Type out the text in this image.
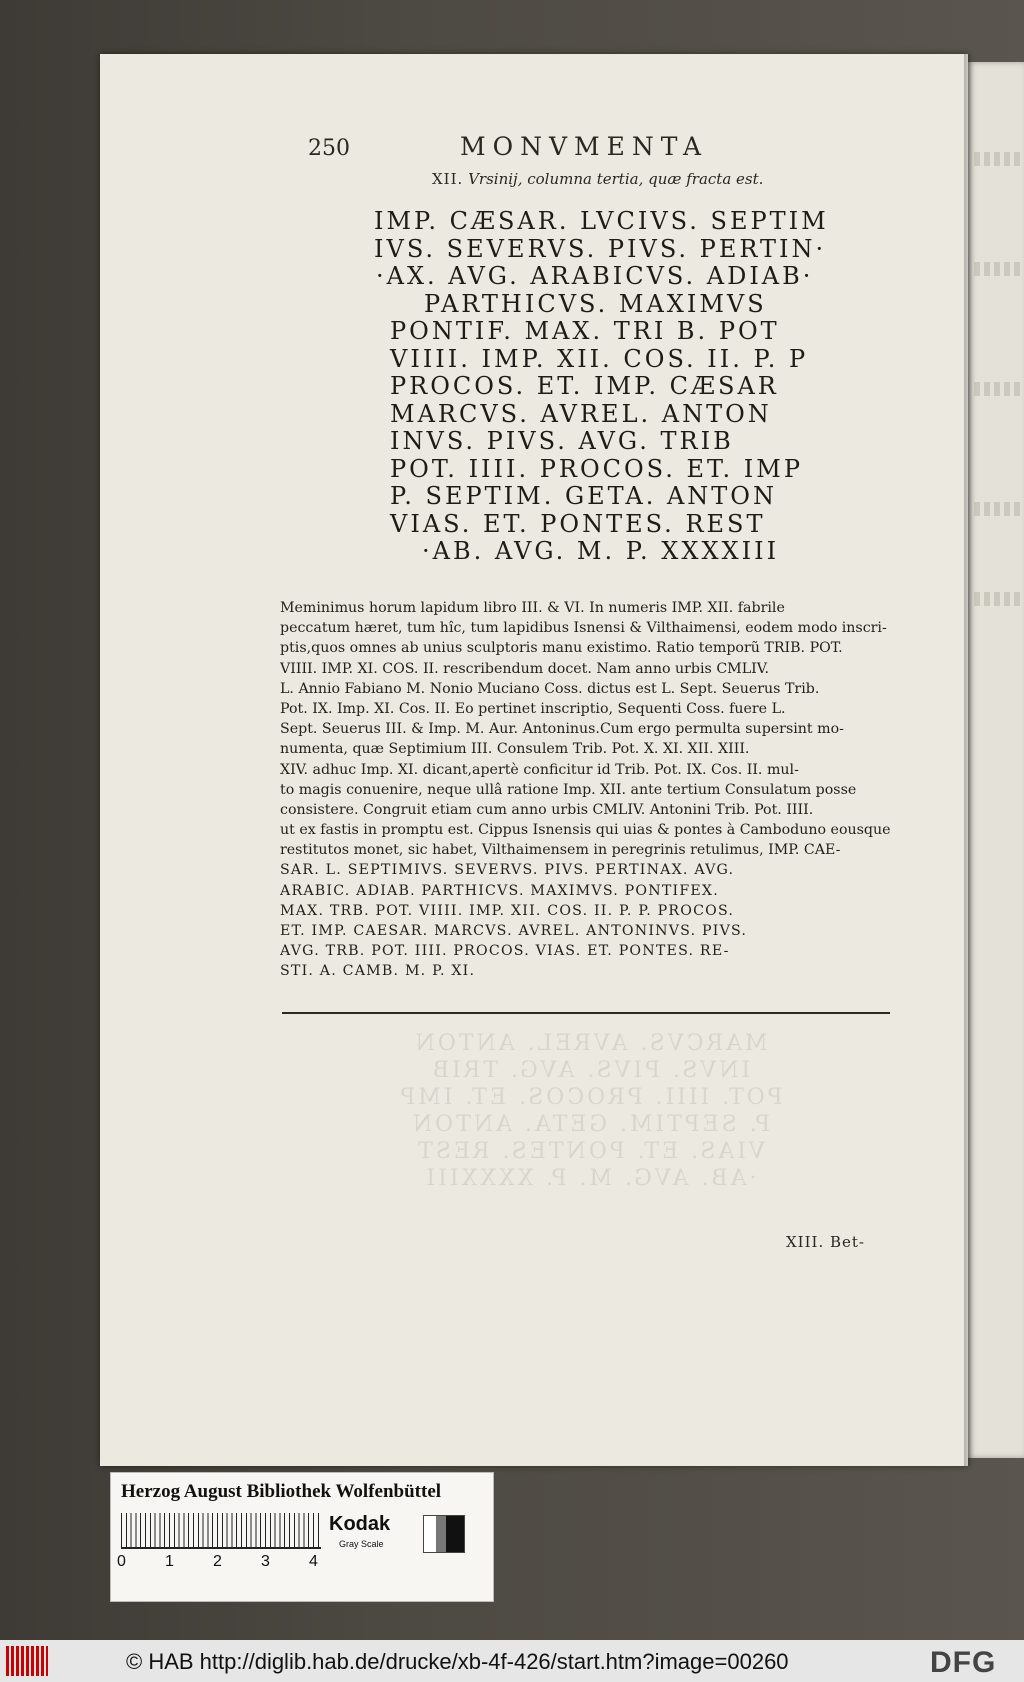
250	MONVMENTA
XII. Vrsinij, columna tertia, quæ fracta est.
IMP. CÆSAR. LVCIVS. SEPTIM
IVS. SEVERVS. PIVS. PERTIN·
·AX. AVG. ARABICVS. ADIAB·
PARTHICVS. MAXIMVS
PONTIF. MAX. TRI B. POT
VIIII. IMP. XII. COS. II. P. P
PROCOS. ET. IMP. CÆSAR
MARCVS. AVREL. ANTON
INVS. PIVS. AVG. TRIB
POT. IIII. PROCOS. ET. IMP
P. SEPTIM. GETA. ANTON
VIAS. ET. PONTES. REST
·AB. AVG. M. P. XXXXIII
Meminimus horum lapidum libro III. & VI. In numeris IMP. XII. fabrile
peccatum hæret, tum hîc, tum lapidibus Isnensi & Vilthaimensi, eodem modo inscri-
ptis,quos omnes ab unius sculptoris manu existimo. Ratio temporũ TRIB. POT.
VIIII. IMP. XI. COS. II. rescribendum docet. Nam anno urbis CMLIV.
L. Annio Fabiano M. Nonio Muciano Coss. dictus est L. Sept. Seuerus Trib.
Pot. IX. Imp. XI. Cos. II. Eo pertinet inscriptio, Sequenti Coss. fuere L.
Sept. Seuerus III. & Imp. M. Aur. Antoninus.Cum ergo permulta supersint mo-
numenta, quæ Septimium III. Consulem Trib. Pot. X. XI. XII. XIII.
XIV. adhuc Imp. XI. dicant,apertè conficitur id Trib. Pot. IX. Cos. II. mul-
to magis conuenire, neque ullâ ratione Imp. XII. ante tertium Consulatum posse
consistere. Congruit etiam cum anno urbis CMLIV. Antonini Trib. Pot. IIII.
ut ex fastis in promptu est. Cippus Isnensis qui uias & pontes à Camboduno eousque
restitutos monet, sic habet, Vilthaimensem in peregrinis retulimus, IMP. CAE-
SAR. L. SEPTIMIVS. SEVERVS. PIVS. PERTINAX. AVG.
ARABIC. ADIAB. PARTHICVS. MAXIMVS. PONTIFEX.
MAX. TRB. POT. VIIII. IMP. XII. COS. II. P. P. PROCOS.
ET. IMP. CAESAR. MARCVS. AVREL. ANTONINVS. PIVS.
AVG. TRB. POT. IIII. PROCOS. VIAS. ET. PONTES. RE-
STI. A. CAMB. M. P. XI.
MARCVS. AVREL. ANTON
INVS. PIVS. AVG. TRIB
POT. IIII. PROCOS. ET. IMP
P. SEPTIM. GETA. ANTON
VIAS. ET. PONTES. REST
·AB. AVG. M. P. XXXXIII
XIII. Bet-
Herzog August Bibliothek Wolfenbüttel
0 1 2 3 4
Kodak
Gray Scale
© HAB http://diglib.hab.de/drucke/xb-4f-426/start.htm?image=00260	DFG
